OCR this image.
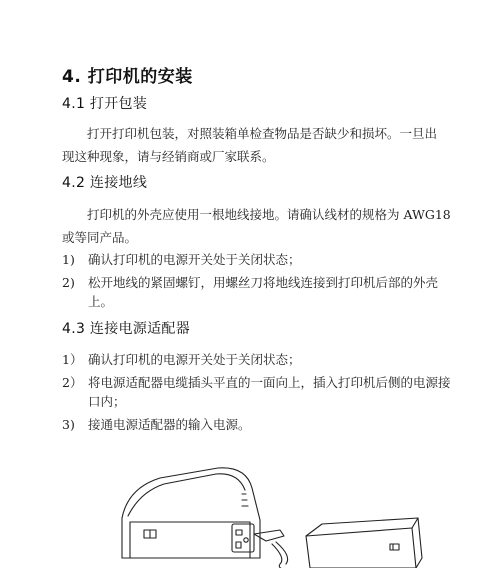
4. 打印机的安装
4.1 打开包装
打开打印机包装，对照装箱单检查物品是否缺少和损坏。一旦出
现这种现象，请与经销商或厂家联系。
4.2 连接地线
打印机的外壳应使用一根地线接地。请确认线材的规格为 AWG18
或等同产品。
1) 确认打印机的电源开关处于关闭状态；
2) 松开地线的紧固螺钉，用螺丝刀将地线连接到打印机后部的外壳
上。
4.3 连接电源适配器
1） 确认打印机的电源开关处于关闭状态；
2） 将电源适配器电缆插头平直的一面向上，插入打印机后侧的电源接
口内；
3) 接通电源适配器的输入电源。
